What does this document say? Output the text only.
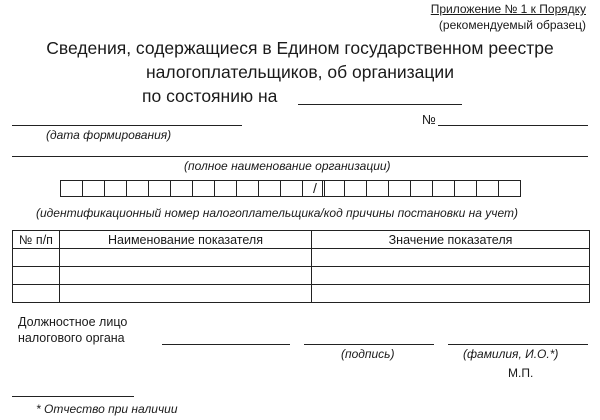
Приложение № 1 к Порядку
(рекомендуемый образец)
Сведения, содержащиеся в Едином государственном реестре
налогоплательщиков, об организации
по состоянию на
(дата формирования)
№
(полное наименование организации)
/
(идентификационный номер налогоплательщика/код причины постановки на учет)
№ п/п	Наименование показателя	Значение показателя

Должностное лицо
налогового органа
(подпись)	(фамилия, И.О.*)
М.П.
* Отчество при наличии
